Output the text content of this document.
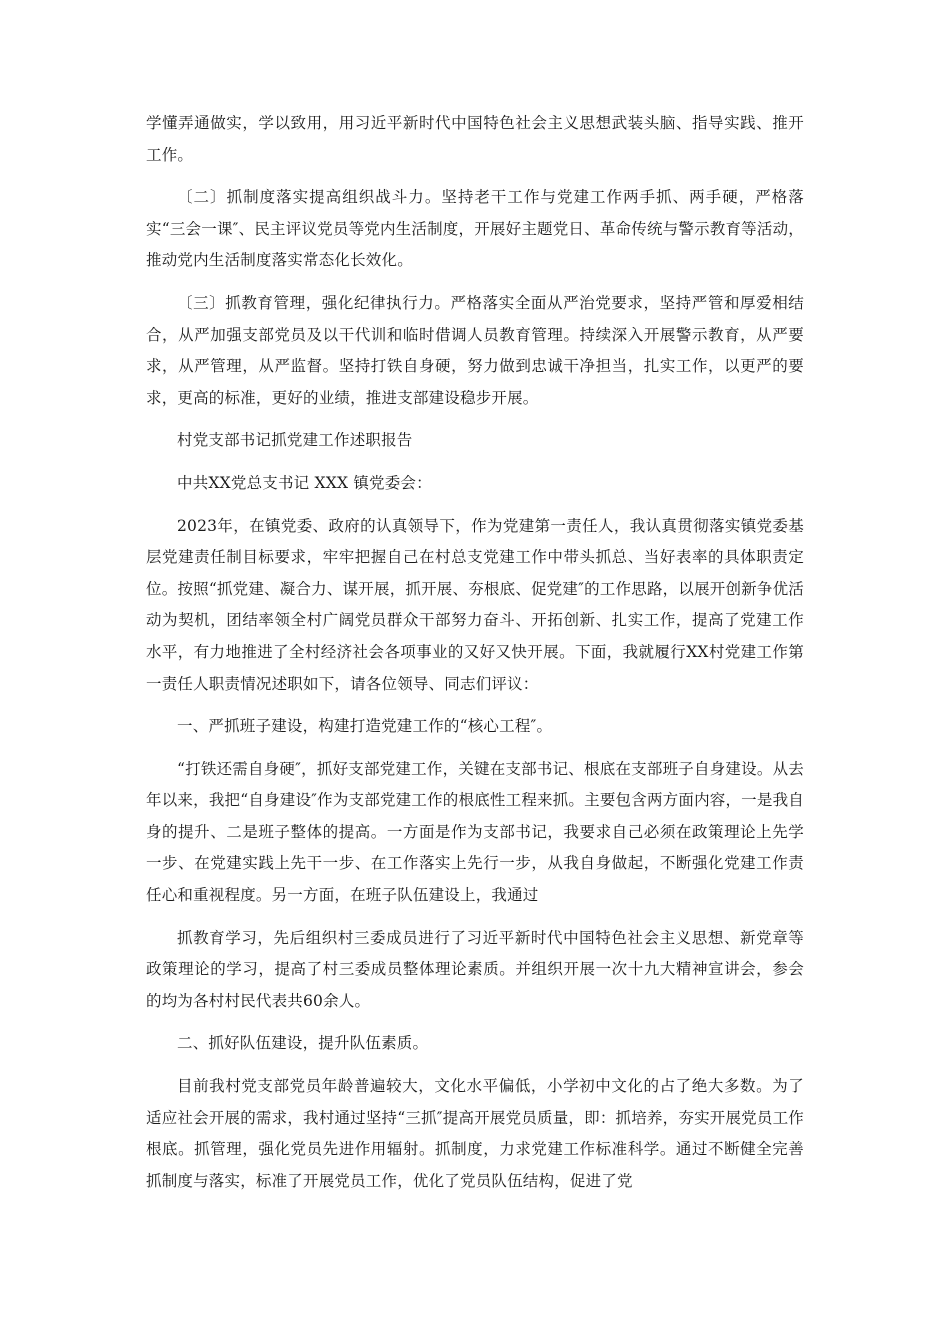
学懂弄通做实，学以致用，用习近平新时代中国特色社会主义思想武装头脑、指导实践、推开工作。

〔二〕抓制度落实提高组织战斗力。坚持老干工作与党建工作两手抓、两手硬，严格落实“三会一课″、民主评议党员等党内生活制度，开展好主题党日、革命传统与警示教育等活动，推动党内生活制度落实常态化长效化。

〔三〕抓教育管理，强化纪律执行力。严格落实全面从严治党要求，坚持严管和厚爱相结合，从严加强支部党员及以干代训和临时借调人员教育管理。持续深入开展警示教育，从严要求，从严管理，从严监督。坚持打铁自身硬，努力做到忠诚干净担当，扎实工作，以更严的要求，更高的标准，更好的业绩，推进支部建设稳步开展。

村党支部书记抓党建工作述职报告

中共XX党总支书记 XXX 镇党委会：

2023年，在镇党委、政府的认真领导下，作为党建第一责任人，我认真贯彻落实镇党委基层党建责任制目标要求，牢牢把握自己在村总支党建工作中带头抓总、当好表率的具体职责定位。按照“抓党建、凝合力、谋开展，抓开展、夯根底、促党建″的工作思路，以展开创新争优活动为契机，团结率领全村广阔党员群众干部努力奋斗、开拓创新、扎实工作，提高了党建工作水平，有力地推进了全村经济社会各项事业的又好又快开展。下面，我就履行XX村党建工作第一责任人职责情况述职如下，请各位领导、同志们评议：

一、严抓班子建设，构建打造党建工作的“核心工程″。

“打铁还需自身硬″，抓好支部党建工作，关键在支部书记、根底在支部班子自身建设。从去年以来，我把“自身建设″作为支部党建工作的根底性工程来抓。主要包含两方面内容，一是我自身的提升、二是班子整体的提高。一方面是作为支部书记，我要求自己必须在政策理论上先学一步、在党建实践上先干一步、在工作落实上先行一步，从我自身做起，不断强化党建工作责任心和重视程度。另一方面，在班子队伍建设上，我通过

抓教育学习，先后组织村三委成员进行了习近平新时代中国特色社会主义思想、新党章等政策理论的学习，提高了村三委成员整体理论素质。并组织开展一次十九大精神宣讲会，参会的均为各村村民代表共60余人。

二、抓好队伍建设，提升队伍素质。

目前我村党支部党员年龄普遍较大，文化水平偏低，小学初中文化的占了绝大多数。为了适应社会开展的需求，我村通过坚持“三抓″提高开展党员质量，即：抓培养，夯实开展党员工作根底。抓管理，强化党员先进作用辐射。抓制度，力求党建工作标准科学。通过不断健全完善抓制度与落实，标准了开展党员工作，优化了党员队伍结构，促进了党
